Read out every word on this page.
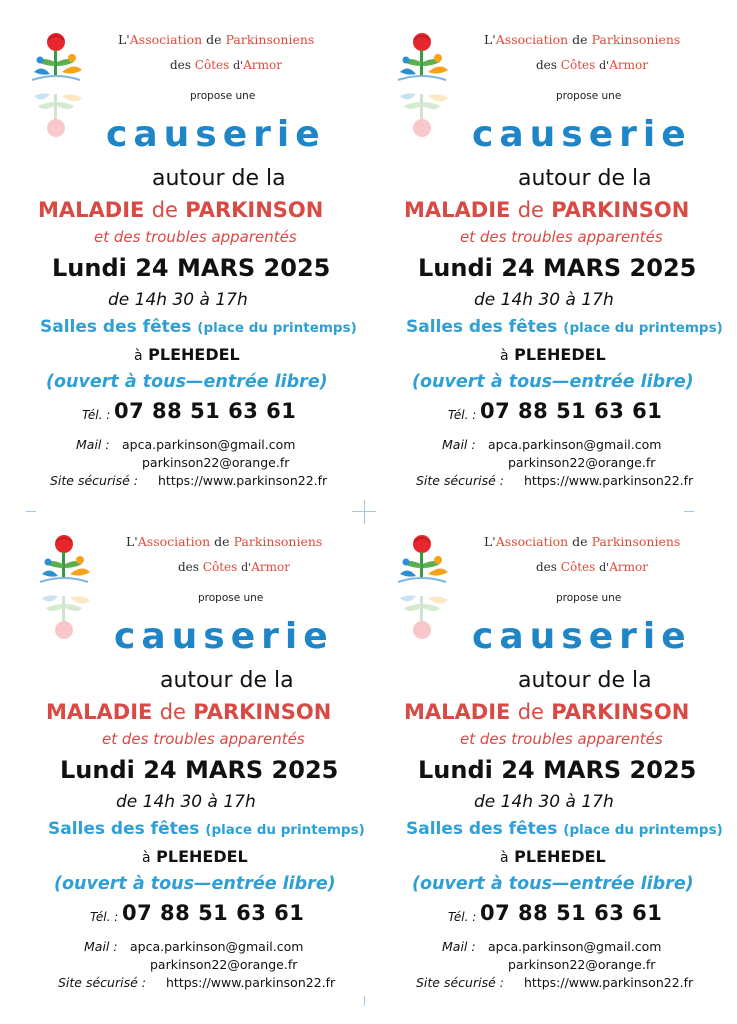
L'Association de Parkinsoniens
des Côtes d'Armor
propose une
causerie
autour de la
MALADIE de PARKINSON
et des troubles apparentés
Lundi 24 MARS 2025
de 14h 30 à 17h
Salles des fêtes (place du printemps)
à PLEHEDEL
(ouvert à tous—entrée libre)
Tél. : 07 88 51 63 61
Mail : apca.parkinson@gmail.com
parkinson22@orange.fr
Site sécurisé : https://www.parkinson22.fr
L'Association de Parkinsoniens
des Côtes d'Armor
propose une
causerie
autour de la
MALADIE de PARKINSON
et des troubles apparentés
Lundi 24 MARS 2025
de 14h 30 à 17h
Salles des fêtes (place du printemps)
à PLEHEDEL
(ouvert à tous—entrée libre)
Tél. : 07 88 51 63 61
Mail : apca.parkinson@gmail.com
parkinson22@orange.fr
Site sécurisé : https://www.parkinson22.fr
L'Association de Parkinsoniens
des Côtes d'Armor
propose une
causerie
autour de la
MALADIE de PARKINSON
et des troubles apparentés
Lundi 24 MARS 2025
de 14h 30 à 17h
Salles des fêtes (place du printemps)
à PLEHEDEL
(ouvert à tous—entrée libre)
Tél. : 07 88 51 63 61
Mail : apca.parkinson@gmail.com
parkinson22@orange.fr
Site sécurisé : https://www.parkinson22.fr
L'Association de Parkinsoniens
des Côtes d'Armor
propose une
causerie
autour de la
MALADIE de PARKINSON
et des troubles apparentés
Lundi 24 MARS 2025
de 14h 30 à 17h
Salles des fêtes (place du printemps)
à PLEHEDEL
(ouvert à tous—entrée libre)
Tél. : 07 88 51 63 61
Mail : apca.parkinson@gmail.com
parkinson22@orange.fr
Site sécurisé : https://www.parkinson22.fr
